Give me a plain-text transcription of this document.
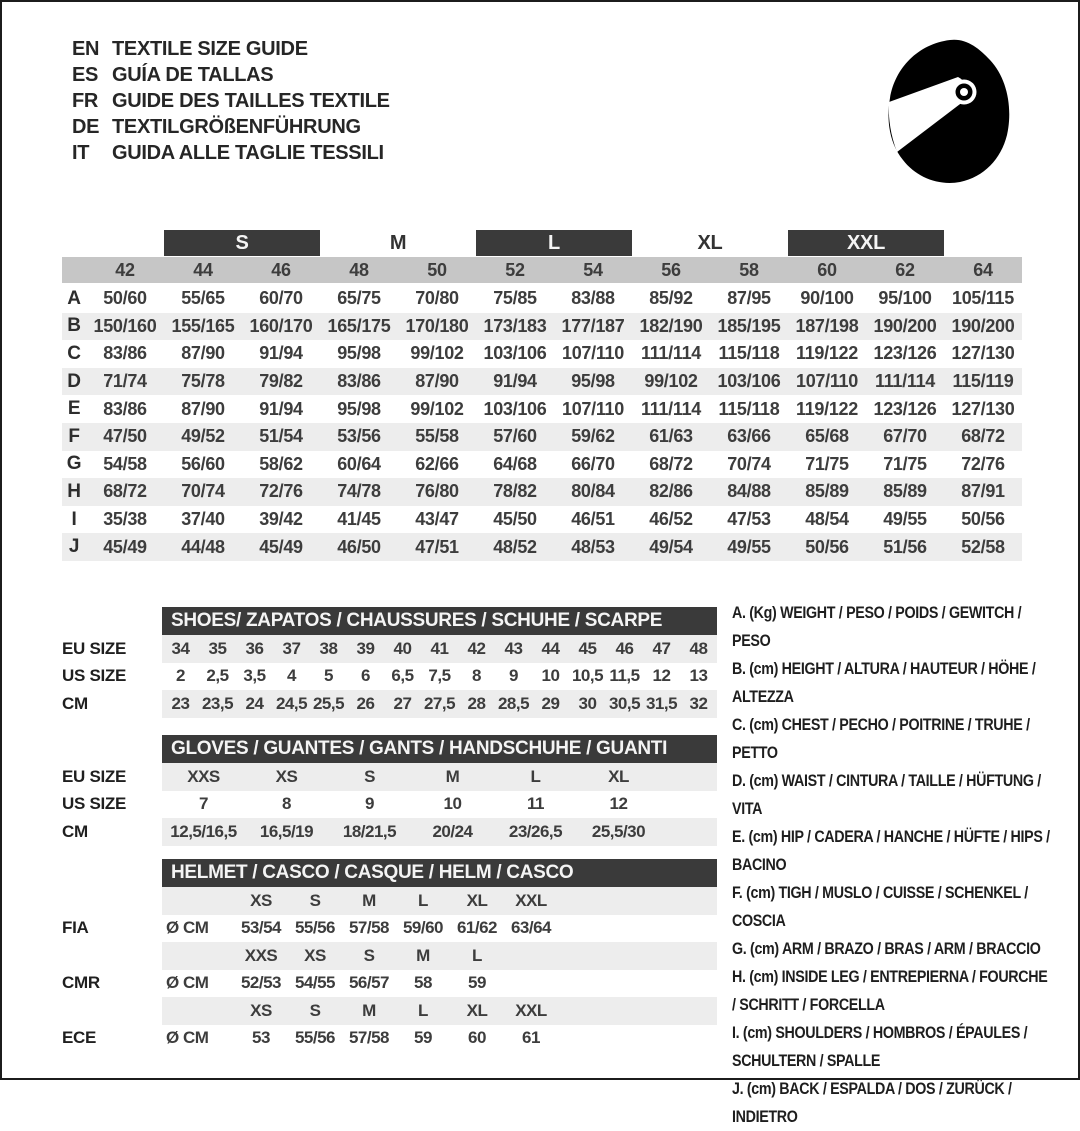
EN TEXTILE SIZE GUIDE
ES GUÍA DE TALLAS
FR GUIDE DES TAILLES TEXTILE
DE TEXTILGRÖßENFÜHRUNG
IT	GUIDA ALLE TAGLIE TESSILI
S	M	L	XL	XXL
42	44	46	48	50	52	54	56	58	60	62	64
A	50/60	55/65	60/70	65/75	70/80	75/85	83/88	85/92	87/95	90/100	95/100	105/115
B 150/160 155/165 160/170 165/175 170/180 173/183 177/187 182/190 185/195 187/198 190/200 190/200
C	83/86	87/90	91/94	95/98	99/102	103/106 107/110 111/114 115/118 119/122 123/126 127/130
D	71/74	75/78	79/82	83/86	87/90	91/94	95/98	99/102	103/106 107/110 111/114 115/119
E	83/86	87/90	91/94	95/98	99/102	103/106 107/110 111/114 115/118 119/122 123/126 127/130
F	47/50	49/52	51/54	53/56	55/58	57/60	59/62	61/63	63/66	65/68	67/70	68/72
G	54/58	56/60	58/62	60/64	62/66	64/68	66/70	68/72	70/74	71/75	71/75	72/76
H	68/72	70/74	72/76	74/78	76/80	78/82	80/84	82/86	84/88	85/89	85/89	87/91
I	35/38	37/40	39/42	41/45	43/47	45/50	46/51	46/52	47/53	48/54	49/55	50/56
J	45/49	44/48	45/49	46/50	47/51	48/52	48/53	49/54	49/55	50/56	51/56	52/58
SHOES/ ZAPATOS / CHAUSSURES / SCHUHE / SCARPE
EU SIZE	34	35	36	37	38	39	40	41	42	43	44	45	46	47	48
US SIZE	2	2,5 3,5	4	5	6	6,5 7,5	8	9	10 10,5 11,5 12	13
CM	23 23,5 24 24,5 25,5 26	27 27,5 28 28,5 29	30 30,5 31,5 32
GLOVES / GUANTES / GANTS / HANDSCHUHE / GUANTI
EU SIZE	XXS	XS	S	M	L	XL
US SIZE	7	8	9	10	11	12
CM	12,5/16,5	16,5/19	18/21,5	20/24	23/26,5	25,5/30
HELMET / CASCO / CASQUE / HELM / CASCO
XS	S	M	L	XL	XXL
FIA	Ø CM	53/54 55/56 57/58 59/60 61/62 63/64
XXS	XS	S	M	L
CMR	Ø CM	52/53 54/55 56/57	58	59
XS	S	M	L	XL	XXL
ECE	Ø CM	53	55/56 57/58	59	60	61
A. (Kg) WEIGHT / PESO / POIDS / GEWITCH / PESO
B. (cm) HEIGHT / ALTURA / HAUTEUR / HÖHE / ALTEZZA
C. (cm) CHEST / PECHO / POITRINE / TRUHE / PETTO
D. (cm) WAIST / CINTURA / TAILLE / HÜFTUNG / VITA
E. (cm) HIP / CADERA / HANCHE / HÜFTE / HIPS / BACINO
F. (cm) TIGH / MUSLO / CUISSE / SCHENKEL / COSCIA
G. (cm) ARM / BRAZO / BRAS / ARM / BRACCIO
H. (cm) INSIDE LEG / ENTREPIERNA / FOURCHE / SCHRITT / FORCELLA
I. (cm) SHOULDERS / HOMBROS / ÉPAULES / SCHULTERN / SPALLE
J. (cm) BACK / ESPALDA / DOS / ZURÜCK / INDIETRO
